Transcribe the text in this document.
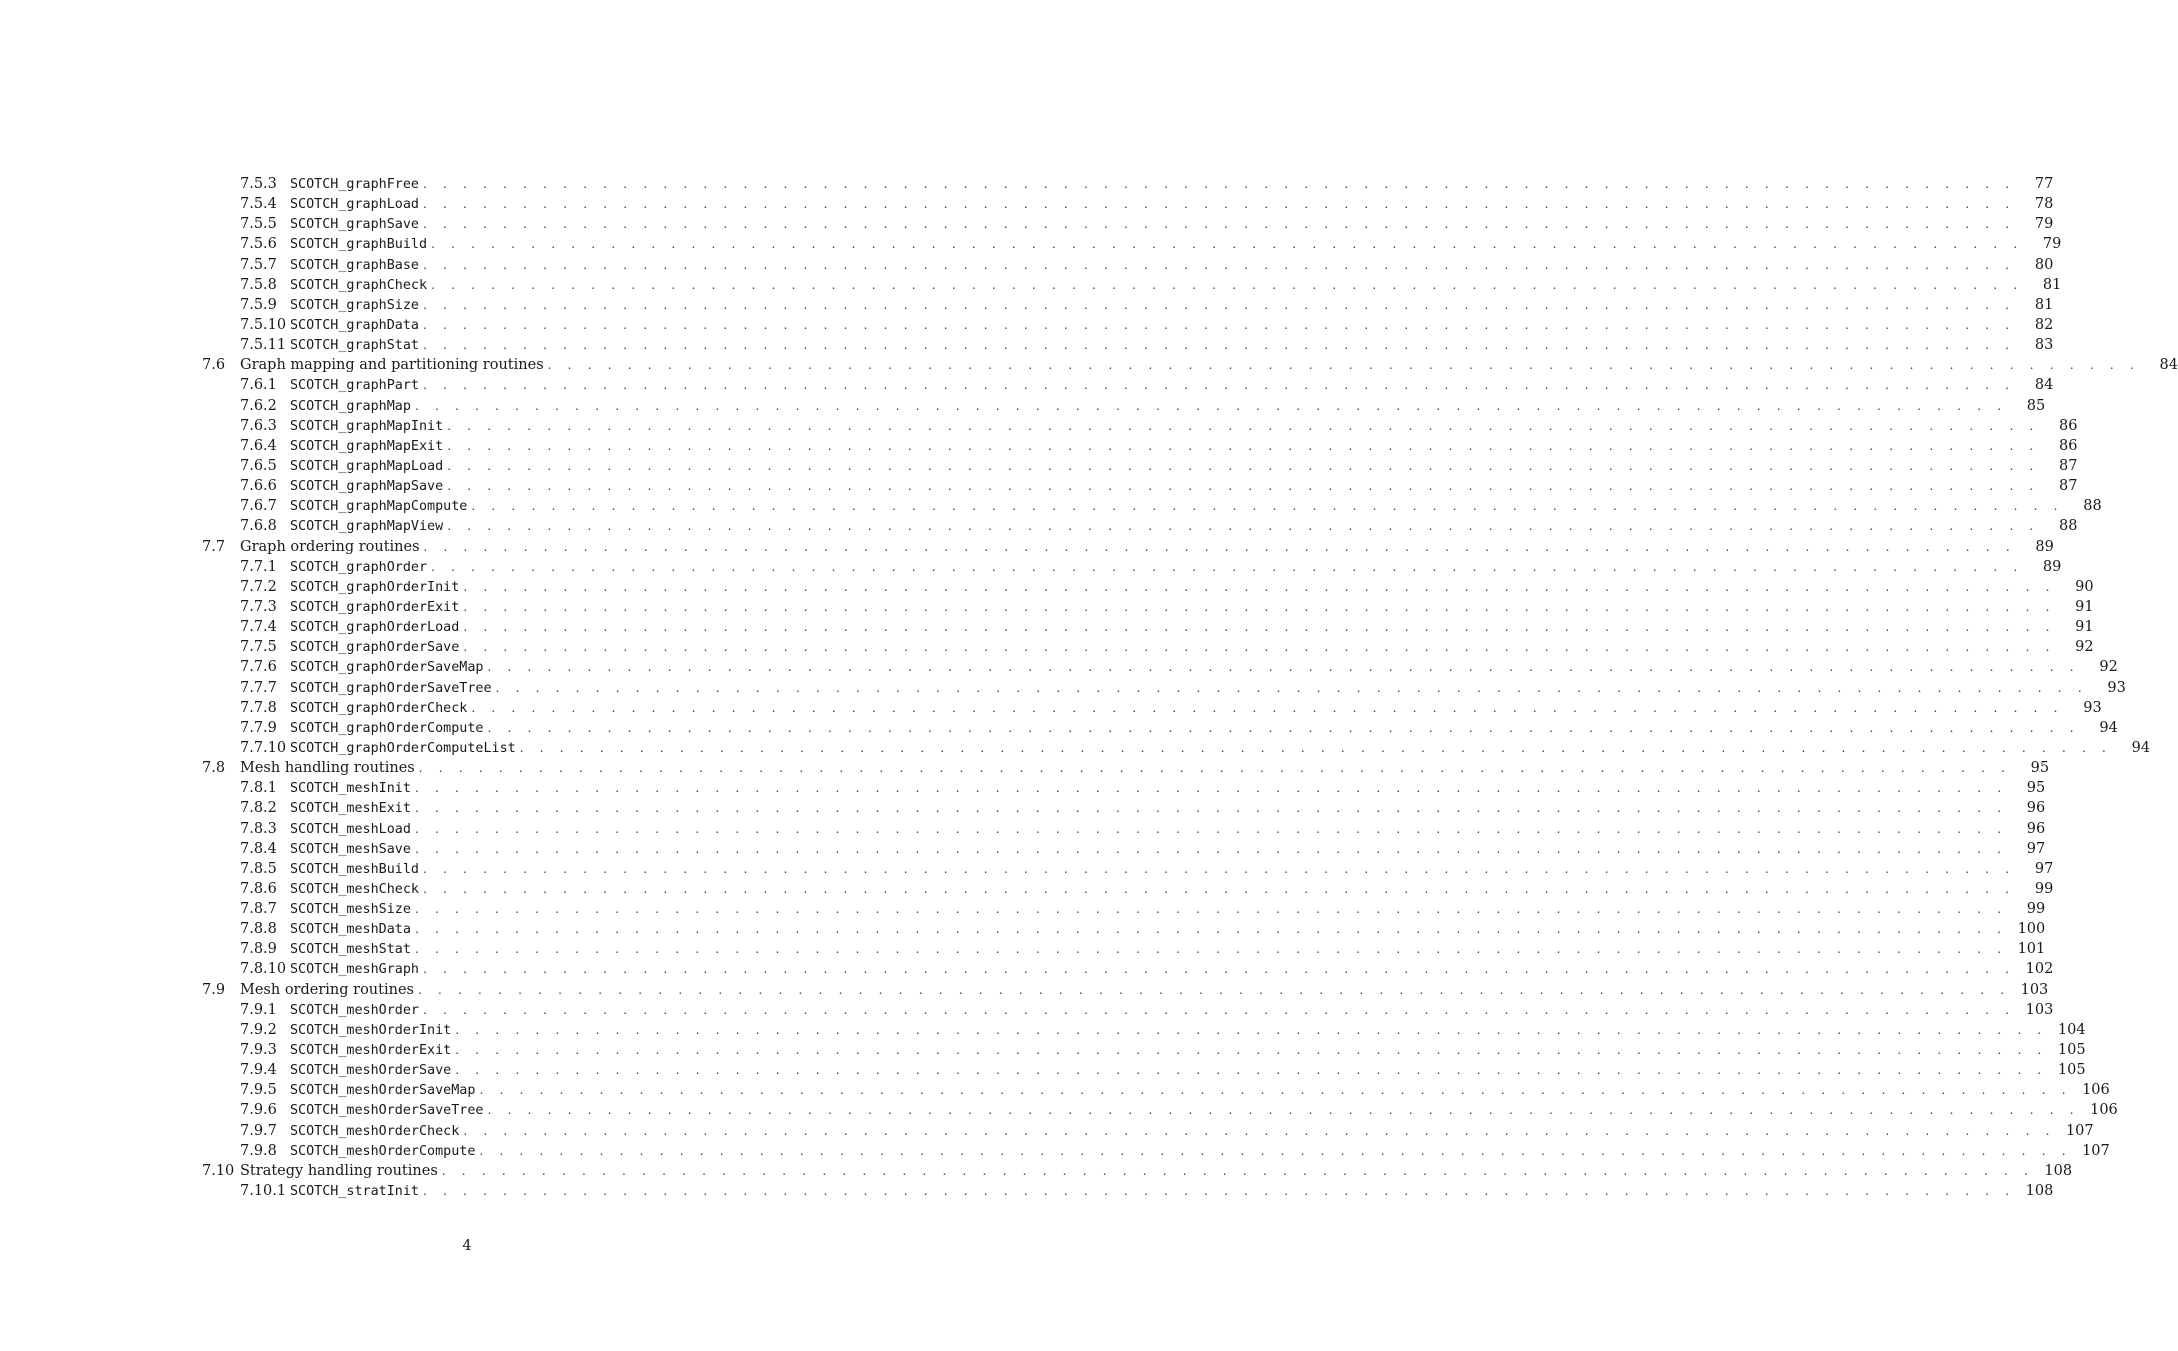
7.5.3 SCOTCH_graphFree . . . . . . . . . . . . . . . . . . . . . . . . . . . . . . . . . . . . . . . . . . . . . . . . . . . . . . . . . . . . . . . . . . . . . . . . . . . . . . . .	77
7.5.4 SCOTCH_graphLoad . . . . . . . . . . . . . . . . . . . . . . . . . . . . . . . . . . . . . . . . . . . . . . . . . . . . . . . . . . . . . . . . . . . . . . . . . . . . . . . .	78
7.5.5 SCOTCH_graphSave . . . . . . . . . . . . . . . . . . . . . . . . . . . . . . . . . . . . . . . . . . . . . . . . . . . . . . . . . . . . . . . . . . . . . . . . . . . . . . . .	79
7.5.6 SCOTCH_graphBuild . . . . . . . . . . . . . . . . . . . . . . . . . . . . . . . . . . . . . . . . . . . . . . . . . . . . . . . . . . . . . . . . . . . . . . . . . . . . . . . .	79
7.5.7 SCOTCH_graphBase . . . . . . . . . . . . . . . . . . . . . . . . . . . . . . . . . . . . . . . . . . . . . . . . . . . . . . . . . . . . . . . . . . . . . . . . . . . . . . . .	80
7.5.8 SCOTCH_graphCheck . . . . . . . . . . . . . . . . . . . . . . . . . . . . . . . . . . . . . . . . . . . . . . . . . . . . . . . . . . . . . . . . . . . . . . . . . . . . . . . .	81
7.5.9 SCOTCH_graphSize . . . . . . . . . . . . . . . . . . . . . . . . . . . . . . . . . . . . . . . . . . . . . . . . . . . . . . . . . . . . . . . . . . . . . . . . . . . . . . . .	81
7.5.10 SCOTCH_graphData . . . . . . . . . . . . . . . . . . . . . . . . . . . . . . . . . . . . . . . . . . . . . . . . . . . . . . . . . . . . . . . . . . . . . . . . . . . . . . . .	82
7.5.11 SCOTCH_graphStat . . . . . . . . . . . . . . . . . . . . . . . . . . . . . . . . . . . . . . . . . . . . . . . . . . . . . . . . . . . . . . . . . . . . . . . . . . . . . . . .	83
7.6	Graph mapping and partitioning routines . . . . . . . . . . . . . . . . . . . . . . . . . . . . . . . . . . . . . . . . . . . . . . . . . . . . . . . . . . . . . . . . . . . . . . . . . . . . . . . .	84
7.6.1 SCOTCH_graphPart . . . . . . . . . . . . . . . . . . . . . . . . . . . . . . . . . . . . . . . . . . . . . . . . . . . . . . . . . . . . . . . . . . . . . . . . . . . . . . . .	84
7.6.2 SCOTCH_graphMap . . . . . . . . . . . . . . . . . . . . . . . . . . . . . . . . . . . . . . . . . . . . . . . . . . . . . . . . . . . . . . . . . . . . . . . . . . . . . . . .	85
7.6.3 SCOTCH_graphMapInit . . . . . . . . . . . . . . . . . . . . . . . . . . . . . . . . . . . . . . . . . . . . . . . . . . . . . . . . . . . . . . . . . . . . . . . . . . . . . . . .	86
7.6.4 SCOTCH_graphMapExit . . . . . . . . . . . . . . . . . . . . . . . . . . . . . . . . . . . . . . . . . . . . . . . . . . . . . . . . . . . . . . . . . . . . . . . . . . . . . . . .	86
7.6.5 SCOTCH_graphMapLoad . . . . . . . . . . . . . . . . . . . . . . . . . . . . . . . . . . . . . . . . . . . . . . . . . . . . . . . . . . . . . . . . . . . . . . . . . . . . . . . .	87
7.6.6 SCOTCH_graphMapSave . . . . . . . . . . . . . . . . . . . . . . . . . . . . . . . . . . . . . . . . . . . . . . . . . . . . . . . . . . . . . . . . . . . . . . . . . . . . . . . .	87
7.6.7 SCOTCH_graphMapCompute . . . . . . . . . . . . . . . . . . . . . . . . . . . . . . . . . . . . . . . . . . . . . . . . . . . . . . . . . . . . . . . . . . . . . . . . . . . . . . . .	88
7.6.8 SCOTCH_graphMapView . . . . . . . . . . . . . . . . . . . . . . . . . . . . . . . . . . . . . . . . . . . . . . . . . . . . . . . . . . . . . . . . . . . . . . . . . . . . . . . .	88
7.7	Graph ordering routines . . . . . . . . . . . . . . . . . . . . . . . . . . . . . . . . . . . . . . . . . . . . . . . . . . . . . . . . . . . . . . . . . . . . . . . . . . . . . . . .	89
7.7.1 SCOTCH_graphOrder . . . . . . . . . . . . . . . . . . . . . . . . . . . . . . . . . . . . . . . . . . . . . . . . . . . . . . . . . . . . . . . . . . . . . . . . . . . . . . . .	89
7.7.2 SCOTCH_graphOrderInit . . . . . . . . . . . . . . . . . . . . . . . . . . . . . . . . . . . . . . . . . . . . . . . . . . . . . . . . . . . . . . . . . . . . . . . . . . . . . . . .	90
7.7.3 SCOTCH_graphOrderExit . . . . . . . . . . . . . . . . . . . . . . . . . . . . . . . . . . . . . . . . . . . . . . . . . . . . . . . . . . . . . . . . . . . . . . . . . . . . . . . .	91
7.7.4 SCOTCH_graphOrderLoad . . . . . . . . . . . . . . . . . . . . . . . . . . . . . . . . . . . . . . . . . . . . . . . . . . . . . . . . . . . . . . . . . . . . . . . . . . . . . . . .	91
7.7.5 SCOTCH_graphOrderSave . . . . . . . . . . . . . . . . . . . . . . . . . . . . . . . . . . . . . . . . . . . . . . . . . . . . . . . . . . . . . . . . . . . . . . . . . . . . . . . .	92
7.7.6 SCOTCH_graphOrderSaveMap . . . . . . . . . . . . . . . . . . . . . . . . . . . . . . . . . . . . . . . . . . . . . . . . . . . . . . . . . . . . . . . . . . . . . . . . . . . . . . . .	92
7.7.7 SCOTCH_graphOrderSaveTree . . . . . . . . . . . . . . . . . . . . . . . . . . . . . . . . . . . . . . . . . . . . . . . . . . . . . . . . . . . . . . . . . . . . . . . . . . . . . . . .	93
7.7.8 SCOTCH_graphOrderCheck . . . . . . . . . . . . . . . . . . . . . . . . . . . . . . . . . . . . . . . . . . . . . . . . . . . . . . . . . . . . . . . . . . . . . . . . . . . . . . . .	93
7.7.9 SCOTCH_graphOrderCompute . . . . . . . . . . . . . . . . . . . . . . . . . . . . . . . . . . . . . . . . . . . . . . . . . . . . . . . . . . . . . . . . . . . . . . . . . . . . . . . .	94
7.7.10 SCOTCH_graphOrderComputeList . . . . . . . . . . . . . . . . . . . . . . . . . . . . . . . . . . . . . . . . . . . . . . . . . . . . . . . . . . . . . . . . . . . . . . . . . . . . . . . .	94
7.8	Mesh handling routines . . . . . . . . . . . . . . . . . . . . . . . . . . . . . . . . . . . . . . . . . . . . . . . . . . . . . . . . . . . . . . . . . . . . . . . . . . . . . . . .	95
7.8.1 SCOTCH_meshInit . . . . . . . . . . . . . . . . . . . . . . . . . . . . . . . . . . . . . . . . . . . . . . . . . . . . . . . . . . . . . . . . . . . . . . . . . . . . . . . .	95
7.8.2 SCOTCH_meshExit . . . . . . . . . . . . . . . . . . . . . . . . . . . . . . . . . . . . . . . . . . . . . . . . . . . . . . . . . . . . . . . . . . . . . . . . . . . . . . . .	96
7.8.3 SCOTCH_meshLoad . . . . . . . . . . . . . . . . . . . . . . . . . . . . . . . . . . . . . . . . . . . . . . . . . . . . . . . . . . . . . . . . . . . . . . . . . . . . . . . .	96
7.8.4 SCOTCH_meshSave . . . . . . . . . . . . . . . . . . . . . . . . . . . . . . . . . . . . . . . . . . . . . . . . . . . . . . . . . . . . . . . . . . . . . . . . . . . . . . . .	97
7.8.5 SCOTCH_meshBuild . . . . . . . . . . . . . . . . . . . . . . . . . . . . . . . . . . . . . . . . . . . . . . . . . . . . . . . . . . . . . . . . . . . . . . . . . . . . . . . .	97
7.8.6 SCOTCH_meshCheck . . . . . . . . . . . . . . . . . . . . . . . . . . . . . . . . . . . . . . . . . . . . . . . . . . . . . . . . . . . . . . . . . . . . . . . . . . . . . . . .	99
7.8.7 SCOTCH_meshSize . . . . . . . . . . . . . . . . . . . . . . . . . . . . . . . . . . . . . . . . . . . . . . . . . . . . . . . . . . . . . . . . . . . . . . . . . . . . . . . .	99
7.8.8 SCOTCH_meshData . . . . . . . . . . . . . . . . . . . . . . . . . . . . . . . . . . . . . . . . . . . . . . . . . . . . . . . . . . . . . . . . . . . . . . . . . . . . . . . . 100
7.8.9 SCOTCH_meshStat . . . . . . . . . . . . . . . . . . . . . . . . . . . . . . . . . . . . . . . . . . . . . . . . . . . . . . . . . . . . . . . . . . . . . . . . . . . . . . . . 101
7.8.10 SCOTCH_meshGraph . . . . . . . . . . . . . . . . . . . . . . . . . . . . . . . . . . . . . . . . . . . . . . . . . . . . . . . . . . . . . . . . . . . . . . . . . . . . . . . . 102
7.9	Mesh ordering routines . . . . . . . . . . . . . . . . . . . . . . . . . . . . . . . . . . . . . . . . . . . . . . . . . . . . . . . . . . . . . . . . . . . . . . . . . . . . . . . . 103
7.9.1 SCOTCH_meshOrder . . . . . . . . . . . . . . . . . . . . . . . . . . . . . . . . . . . . . . . . . . . . . . . . . . . . . . . . . . . . . . . . . . . . . . . . . . . . . . . . 103
7.9.2 SCOTCH_meshOrderInit . . . . . . . . . . . . . . . . . . . . . . . . . . . . . . . . . . . . . . . . . . . . . . . . . . . . . . . . . . . . . . . . . . . . . . . . . . . . . . . . 104
7.9.3 SCOTCH_meshOrderExit . . . . . . . . . . . . . . . . . . . . . . . . . . . . . . . . . . . . . . . . . . . . . . . . . . . . . . . . . . . . . . . . . . . . . . . . . . . . . . . . 105
7.9.4 SCOTCH_meshOrderSave . . . . . . . . . . . . . . . . . . . . . . . . . . . . . . . . . . . . . . . . . . . . . . . . . . . . . . . . . . . . . . . . . . . . . . . . . . . . . . . . 105
7.9.5 SCOTCH_meshOrderSaveMap . . . . . . . . . . . . . . . . . . . . . . . . . . . . . . . . . . . . . . . . . . . . . . . . . . . . . . . . . . . . . . . . . . . . . . . . . . . . . . . . 106
7.9.6 SCOTCH_meshOrderSaveTree . . . . . . . . . . . . . . . . . . . . . . . . . . . . . . . . . . . . . . . . . . . . . . . . . . . . . . . . . . . . . . . . . . . . . . . . . . . . . . . . 106
7.9.7 SCOTCH_meshOrderCheck . . . . . . . . . . . . . . . . . . . . . . . . . . . . . . . . . . . . . . . . . . . . . . . . . . . . . . . . . . . . . . . . . . . . . . . . . . . . . . . . 107
7.9.8 SCOTCH_meshOrderCompute . . . . . . . . . . . . . . . . . . . . . . . . . . . . . . . . . . . . . . . . . . . . . . . . . . . . . . . . . . . . . . . . . . . . . . . . . . . . . . . . 107
7.10 Strategy handling routines . . . . . . . . . . . . . . . . . . . . . . . . . . . . . . . . . . . . . . . . . . . . . . . . . . . . . . . . . . . . . . . . . . . . . . . . . . . . . . . . 108
7.10.1 SCOTCH_stratInit . . . . . . . . . . . . . . . . . . . . . . . . . . . . . . . . . . . . . . . . . . . . . . . . . . . . . . . . . . . . . . . . . . . . . . . . . . . . . . . . 108
4
